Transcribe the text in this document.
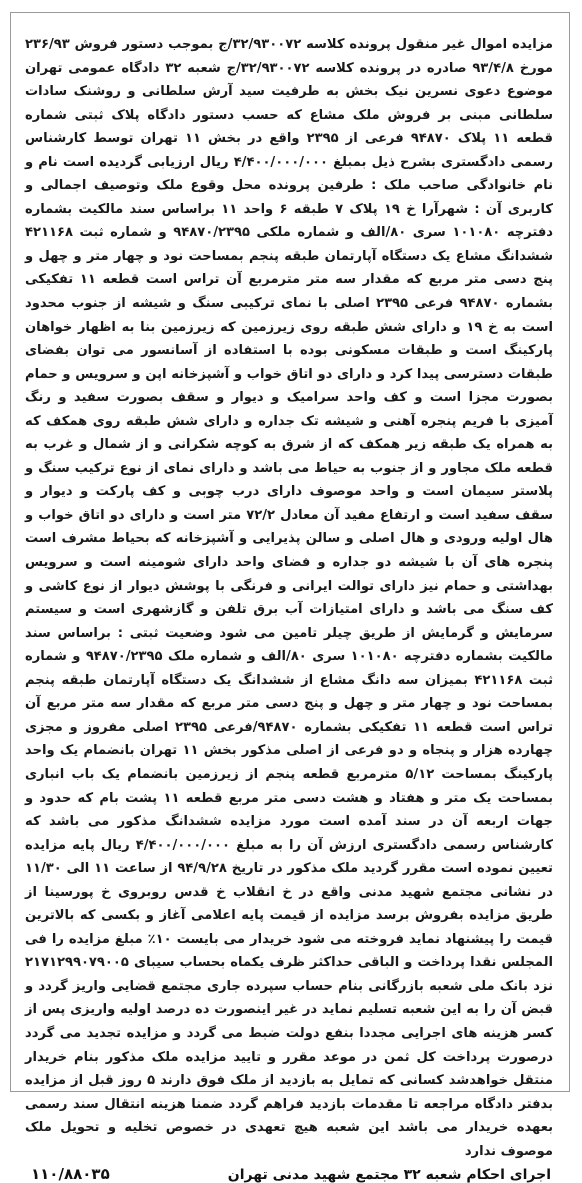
مزایده اموال غیر منقول پرونده کلاسه ۳۲/۹۳۰۰۷۲/ج بموجب دستور فروش ۲۳۶/۹۳ مورخ ۹۳/۴/۸ صادره در پرونده کلاسه ۳۲/۹۳۰۰۷۲/ج شعبه ۳۲ دادگاه عمومی تهران موضوع دعوی نسرین نیک بخش به طرفیت سید آرش سلطانی و روشنک سادات سلطانی مبنی بر فروش ملک مشاع که حسب دستور دادگاه پلاک ثبتی شماره قطعه ۱۱ پلاک ۹۴۸۷۰ فرعی از ۲۳۹۵ واقع در بخش ۱۱ تهران توسط کارشناس رسمی دادگستری بشرح ذیل بمبلغ ۴/۴۰۰/۰۰۰/۰۰۰ ریال ارزیابی گردیده است نام و نام خانوادگی صاحب ملک : طرفین پرونده محل وقوع ملک وتوصیف اجمالی و کاربری آن : شهرآرا خ ۱۹ پلاک ۷ طبقه ۶ واحد ۱۱ براساس سند مالکیت بشماره دفترچه ۱۰۱۰۸۰ سری ۸۰/الف و شماره ملکی ۹۴۸۷۰/۲۳۹۵ و شماره ثبت ۴۲۱۱۶۸ ششدانگ مشاع یک دستگاه آپارتمان طبقه پنجم بمساحت نود و چهار متر و چهل و پنج دسی متر مربع که مقدار سه متر مترمربع آن تراس است قطعه ۱۱ تفکیکی بشماره ۹۴۸۷۰ فرعی ۲۳۹۵ اصلی با نمای ترکیبی سنگ و شیشه از جنوب محدود است به خ ۱۹ و دارای شش طبقه روی زیرزمین که زیرزمین بنا به اظهار خواهان پارکینگ است و طبقات مسکونی بوده با استفاده از آسانسور می توان بفضای طبقات دسترسی پیدا کرد و دارای دو اتاق خواب و آشپزخانه اپن و سرویس و حمام بصورت مجزا است و کف واحد سرامیک و دیوار و سقف بصورت سفید و رنگ آمیزی با فریم پنجره آهنی و شیشه تک جداره و دارای شش طبقه روی همکف که به همراه یک طبقه زیر همکف که از شرق به کوچه شکرانی و از شمال و غرب به قطعه ملک مجاور و از جنوب به حیاط می باشد و دارای نمای از نوع ترکیب سنگ و پلاستر سیمان است و واحد موصوف دارای درب چوبی و کف پارکت و دیوار و سقف سفید است و ارتفاع مفید آن معادل ۷۲/۲ متر است و دارای دو اتاق خواب و هال اولیه ورودی و هال اصلی و سالن پذیرایی و آشپزخانه که بحیاط مشرف است پنجره های آن با شیشه دو جداره و فضای واحد دارای شومینه است و سرویس بهداشتی و حمام نیز دارای توالت ایرانی و فرنگی با پوشش دیوار از نوع کاشی و کف سنگ می باشد و دارای امتیازات آب برق تلفن و گازشهری است و سیستم سرمایش و گرمایش از طریق چیلر تامین می شود وضعیت ثبتی : براساس سند مالکیت بشماره دفترچه ۱۰۱۰۸۰ سری ۸۰/الف و شماره ملک ۹۴۸۷۰/۲۳۹۵ و شماره ثبت ۴۲۱۱۶۸ بمیزان سه دانگ مشاع از ششدانگ یک دستگاه آپارتمان طبقه پنجم بمساحت نود و چهار متر و چهل و پنج دسی متر مربع که مقدار سه متر مربع آن تراس است قطعه ۱۱ تفکیکی بشماره ۹۴۸۷۰/فرعی ۲۳۹۵ اصلی مفروز و مجزی چهارده هزار و پنجاه و دو فرعی از اصلی مذکور بخش ۱۱ تهران بانضمام یک واحد پارکینگ بمساحت ۵/۱۲ مترمربع قطعه پنجم از زیرزمین بانضمام یک باب انباری بمساحت یک متر و هفتاد و هشت دسی متر مربع قطعه ۱۱ پشت بام که حدود و جهات اربعه آن در سند آمده است مورد مزایده ششدانگ مذکور می باشد که کارشناس رسمی دادگستری ارزش آن را به مبلغ ۴/۴۰۰/۰۰۰/۰۰۰ ریال پایه مزایده تعیین نموده است مقرر گردید ملک مذکور در تاریخ ۹۴/۹/۲۸ از ساعت ۱۱ الی ۱۱/۳۰ در نشانی مجتمع شهید مدنی واقع در خ انقلاب خ قدس روبروی خ پورسینا از طریق مزایده بفروش برسد مزایده از قیمت پایه اعلامی آغاز و بکسی که بالاترین قیمت را پیشنهاد نماید فروخته می شود خریدار می بایست ۱۰٪ مبلغ مزایده را فی المجلس نقدا پرداخت و الباقی حداکثر ظرف یکماه بحساب سیبای ۲۱۷۱۲۹۹۰۷۹۰۰۵ نزد بانک ملی شعبه بازرگانی بنام حساب سپرده جاری مجتمع قضایی واریز گردد و قبض آن را به این شعبه تسلیم نماید در غیر اینصورت ده درصد اولیه واریزی پس از کسر هزینه های اجرایی مجددا بنفع دولت ضبط می گردد و مزایده تجدید می گردد درصورت پرداخت کل ثمن در موعد مقرر و تایید مزایده ملک مذکور بنام خریدار منتقل خواهدشد کسانی که تمایل به بازدید از ملک فوق دارند ۵ روز قبل از مزایده بدفتر دادگاه مراجعه تا مقدمات بازدید فراهم گردد ضمنا هزینه انتقال سند رسمی بعهده خریدار می باشد این شعبه هیچ تعهدی در خصوص تخلیه و تحویل ملک موصوف ندارد

اجرای احکام شعبه ۳۲ مجتمع شهید مدنی تهران
۱۱۰/۸۸۰۳۵
